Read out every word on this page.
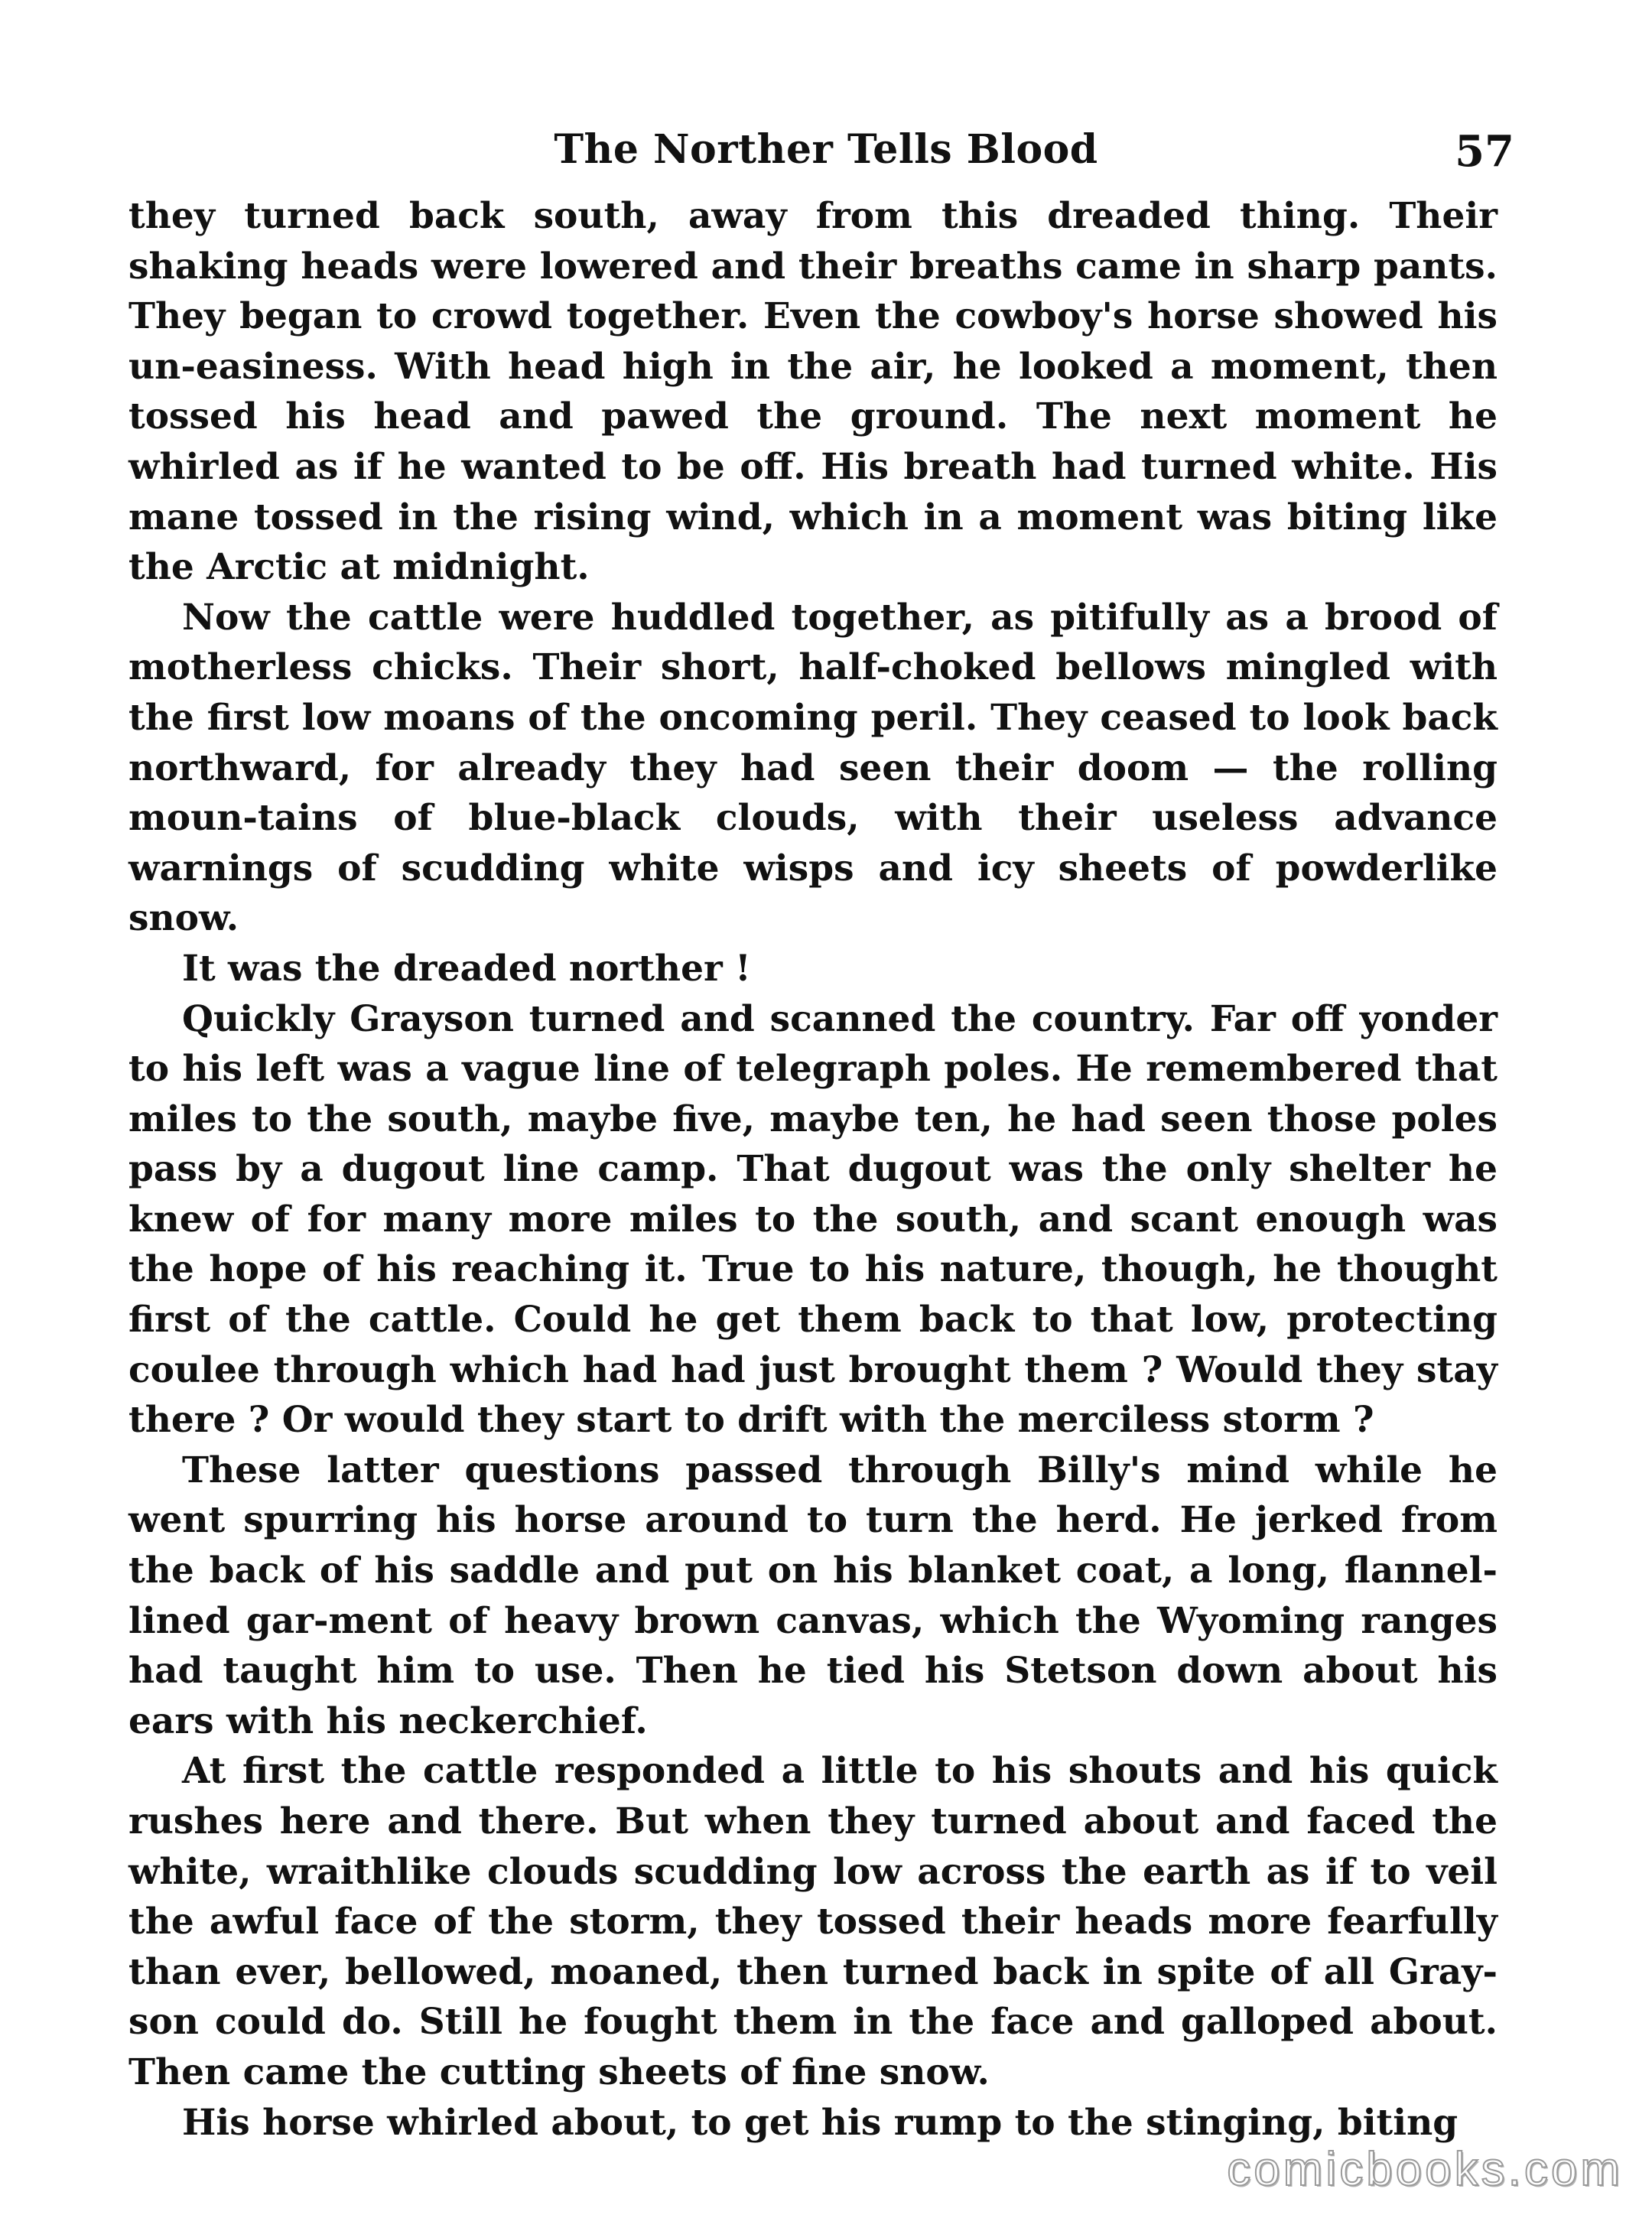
The Norther Tells Blood	57

they turned back south, away from this dreaded thing. Their shaking heads were lowered and their breaths came in sharp pants. They began to crowd together. Even the cowboy's horse showed his un-easiness. With head high in the air, he looked a moment, then tossed his head and pawed the ground. The next moment he whirled as if he wanted to be off. His breath had turned white. His mane tossed in the rising wind, which in a moment was biting like the Arctic at midnight.

Now the cattle were huddled together, as pitifully as a brood of motherless chicks. Their short, half-choked bellows mingled with the first low moans of the oncoming peril. They ceased to look back northward, for already they had seen their doom — the rolling moun-tains of blue-black clouds, with their useless advance warnings of scudding white wisps and icy sheets of powderlike snow.

It was the dreaded norther !

Quickly Grayson turned and scanned the country. Far off yonder to his left was a vague line of telegraph poles. He remembered that miles to the south, maybe five, maybe ten, he had seen those poles pass by a dugout line camp. That dugout was the only shelter he knew of for many more miles to the south, and scant enough was the hope of his reaching it. True to his nature, though, he thought first of the cattle. Could he get them back to that low, protecting coulee through which had had just brought them ? Would they stay there ? Or would they start to drift with the merciless storm ?

These latter questions passed through Billy's mind while he went spurring his horse around to turn the herd. He jerked from the back of his saddle and put on his blanket coat, a long, flannel-lined gar-ment of heavy brown canvas, which the Wyoming ranges had taught him to use. Then he tied his Stetson down about his ears with his neckerchief.

At first the cattle responded a little to his shouts and his quick rushes here and there. But when they turned about and faced the white, wraithlike clouds scudding low across the earth as if to veil the awful face of the storm, they tossed their heads more fearfully than ever, bellowed, moaned, then turned back in spite of all Gray-son could do. Still he fought them in the face and galloped about. Then came the cutting sheets of fine snow.

His horse whirled about, to get his rump to the stinging, biting

comicbooks.com
